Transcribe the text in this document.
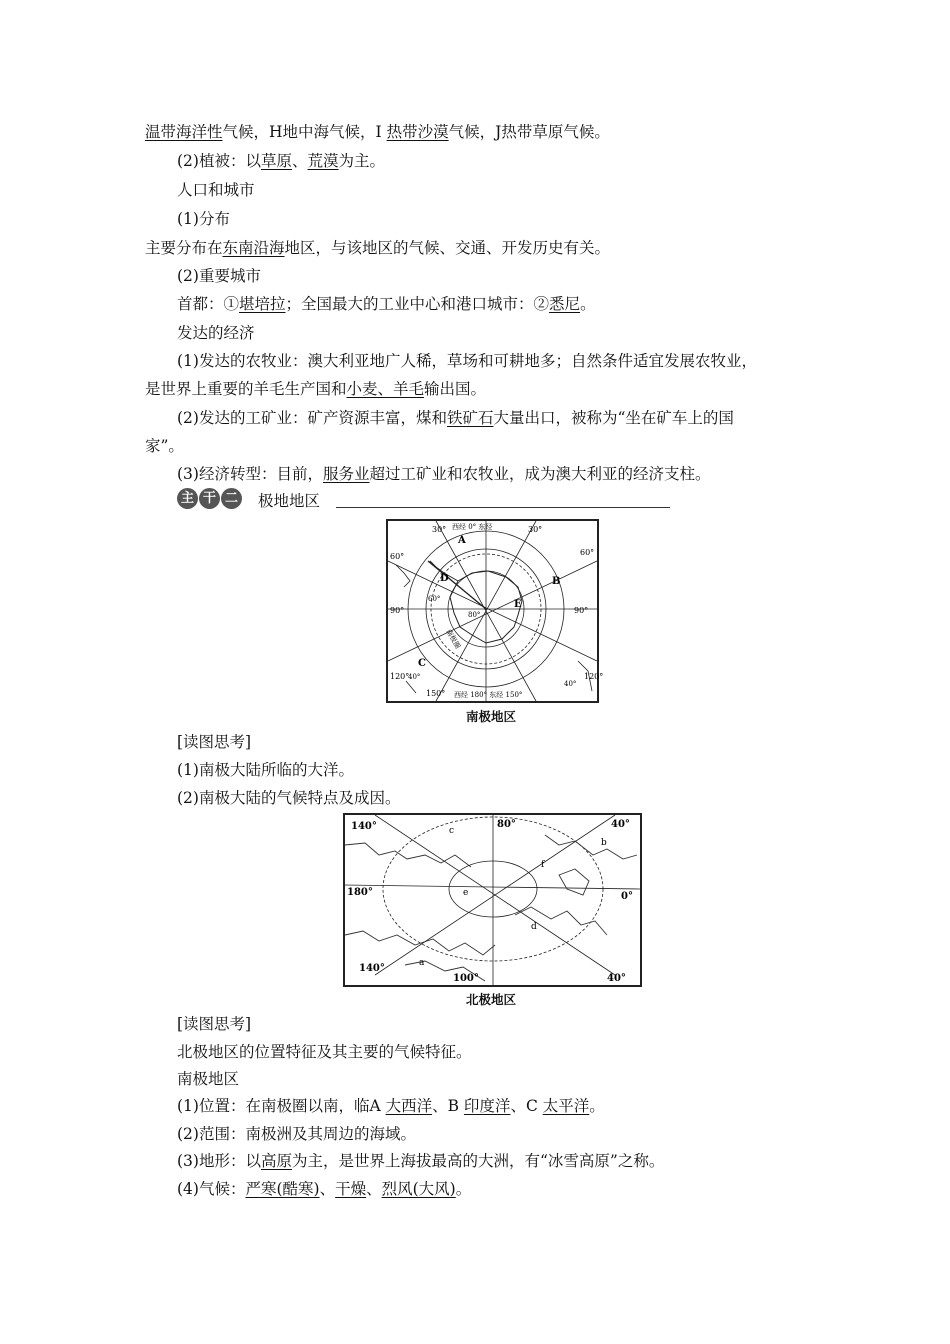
温带海洋性气候，H地中海气候，I 热带沙漠气候，J热带草原气候。
(2)植被：以草原、荒漠为主。
人口和城市
(1)分布
主要分布在东南沿海地区，与该地区的气候、交通、开发历史有关。
(2)重要城市
首都：①堪培拉；全国最大的工业中心和港口城市：②悉尼。
发达的经济
(1)发达的农牧业：澳大利亚地广人稀，草场和可耕地多；自然条件适宜发展农牧业，
是世界上重要的羊毛生产国和小麦、羊毛输出国。
(2)发达的工矿业：矿产资源丰富，煤和铁矿石大量出口，被称为“坐在矿车上的国
家”。
(3)经济转型：目前，服务业超过工矿业和农牧业，成为澳大利亚的经济支柱。
主 干 二 极地地区
西经 0° 东经
西经 180° 东经 150°
30°	30°
60°	60°
90°	90°
120°	120°
150°
80°
60°
40°
40°
A
B
C
D
E
南极圈
南极地区
[读图思考]
(1)南极大陆所临的大洋。
(2)南极大陆的气候特点及成因。
140°
180°
140°
80°	40°
0°
40°
100°
a
b
c
d
e
f
北极地区
[读图思考]
北极地区的位置特征及其主要的气候特征。
南极地区
(1)位置：在南极圈以南，临A 大西洋、B 印度洋、C 太平洋。
(2)范围：南极洲及其周边的海域。
(3)地形：以高原为主，是世界上海拔最高的大洲，有“冰雪高原”之称。
(4)气候：严寒(酷寒)、干燥、烈风(大风)。
